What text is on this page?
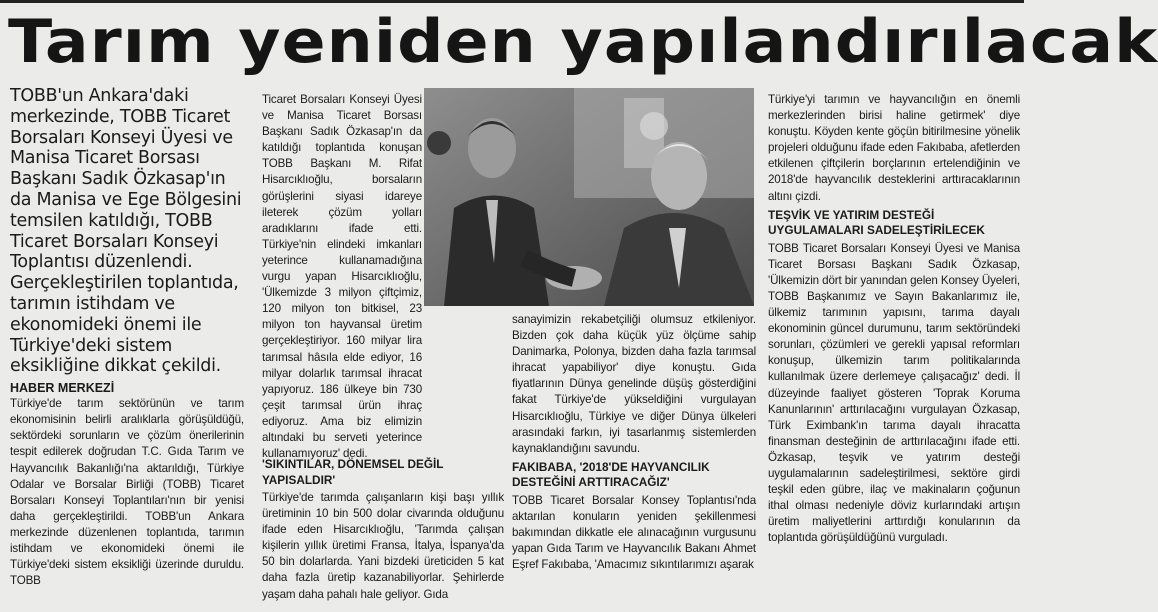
Tarım yeniden yapılandırılacak

TOBB'un Ankara'daki merkezinde, TOBB Ticaret Borsaları Konseyi Üyesi ve Manisa Ticaret Borsası Başkanı Sadık Özkasap'ın da Manisa ve Ege Bölgesini temsilen katıldığı, TOBB Ticaret Borsaları Konseyi Toplantısı düzenlendi. Gerçekleştirilen toplantıda, tarımın istihdam ve ekonomideki önemi ile Türkiye'deki sistem eksikliğine dikkat çekildi.

HABER MERKEZİ

Türkiye'de tarım sektörünün ve tarım ekonomisinin belirli aralıklarla görüşüldüğü, sektördeki sorunların ve çözüm önerilerinin tespit edilerek doğrudan T.C. Gıda Tarım ve Hayvancılık Bakanlığı'na aktarıldığı, Türkiye Odalar ve Borsalar Birliği (TOBB) Ticaret Borsaları Konseyi Toplantıları'nın bir yenisi daha gerçekleştirildi. TOBB'un Ankara merkezinde düzenlenen toplantıda, tarımın istihdam ve ekonomideki önemi ile Türkiye'deki sistem eksikliği üzerinde duruldu. TOBB

Ticaret Borsaları Konseyi Üyesi ve Manisa Ticaret Borsası Başkanı Sadık Özkasap'ın da katıldığı toplantıda konuşan TOBB Başkanı M. Rifat Hisarcıklıoğlu, borsaların görüşlerini siyasi idareye ileterek çözüm yolları aradıklarını ifade etti. Türkiye'nin elindeki imkanları yeterince kullanamadığına vurgu yapan Hisarcıklıoğlu, 'Ülkemizde 3 milyon çiftçimiz, 120 milyon ton bitkisel, 23 milyon ton hayvansal üretim gerçekleştiriyor. 160 milyar lira tarımsal hâsıla elde ediyor, 16 milyar dolarlık tarımsal ihracat yapıyoruz. 186 ülkeye bin 730 çeşit tarımsal ürün ihraç ediyoruz. Ama biz elimizin altındaki bu serveti yeterince kullanamıyoruz' dedi.

'SIKINTILAR, DÖNEMSEL DEĞİL YAPISALDIR'

Türkiye'de tarımda çalışanların kişi başı yıllık üretiminin 10 bin 500 dolar civarında olduğunu ifade eden Hisarcıklıoğlu, 'Tarımda çalışan kişilerin yıllık üretimi Fransa, İtalya, İspanya'da 50 bin dolarlarda. Yani bizdeki üreticiden 5 kat daha fazla üretip kazanabiliyorlar. Şehirlerde yaşam daha pahalı hale geliyor. Gıda

sanayimizin rekabetçiliği olumsuz etkileniyor. Bizden çok daha küçük yüz ölçüme sahip Danimarka, Polonya, bizden daha fazla tarımsal ihracat yapabiliyor' diye konuştu. Gıda fiyatlarının Dünya genelinde düşüş gösterdiğini fakat Türkiye'de yükseldiğini vurgulayan Hisarcıklıoğlu, Türkiye ve diğer Dünya ülkeleri arasındaki farkın, iyi tasarlanmış sistemlerden kaynaklandığını savundu.

FAKIBABA, '2018'DE HAYVANCILIK DESTEĞİNİ ARTTIRACAĞIZ'

TOBB Ticaret Borsalar Konsey Toplantısı'nda aktarılan konuların yeniden şekillenmesi bakımından dikkatle ele alınacağının vurgusunu yapan Gıda Tarım ve Hayvancılık Bakanı Ahmet Eşref Fakıbaba, 'Amacımız sıkıntılarımızı aşarak

Türkiye'yi tarımın ve hayvancılığın en önemli merkezlerinden birisi haline getirmek' diye konuştu. Köyden kente göçün bitirilmesine yönelik projeleri olduğunu ifade eden Fakıbaba, afetlerden etkilenen çiftçilerin borçlarının ertelendiğinin ve 2018'de hayvancılık desteklerini arttıracaklarının altını çizdi.

TEŞVİK VE YATIRIM DESTEĞİ UYGULAMALARI SADELEŞTİRİLECEK

TOBB Ticaret Borsaları Konseyi Üyesi ve Manisa Ticaret Borsası Başkanı Sadık Özkasap, 'Ülkemizin dört bir yanından gelen Konsey Üyeleri, TOBB Başkanımız ve Sayın Bakanlarımız ile, ülkemiz tarımının yapısını, tarıma dayalı ekonominin güncel durumunu, tarım sektöründeki sorunları, çözümleri ve gerekli yapısal reformları konuşup, ülkemizin tarım politikalarında kullanılmak üzere derlemeye çalışacağız' dedi. İl düzeyinde faaliyet gösteren 'Toprak Koruma Kanunlarının' arttırılacağını vurgulayan Özkasap, Türk Eximbank'ın tarıma dayalı ihracatta finansman desteğinin de arttırılacağını ifade etti. Özkasap, teşvik ve yatırım desteği uygulamalarının sadeleştirilmesi, sektöre girdi teşkil eden gübre, ilaç ve makinaların çoğunun ithal olması nedeniyle döviz kurlarındaki artışın üretim maliyetlerini arttırdığı konularının da toplantıda görüşüldüğünü vurguladı.
